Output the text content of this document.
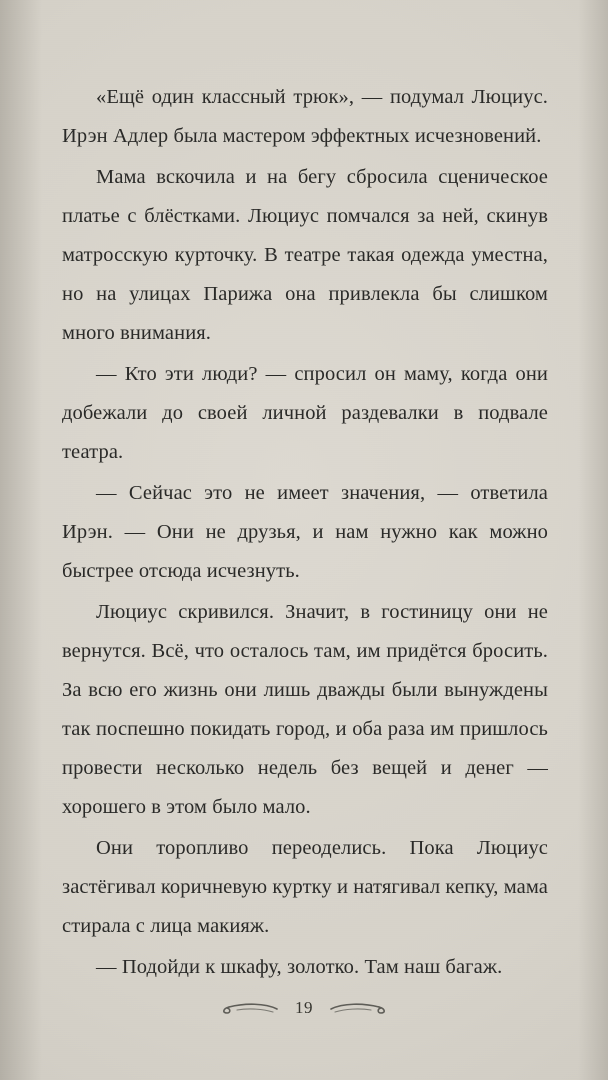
«Ещё один классный трюк», — подумал Люциус. Ирэн Адлер была мастером эффектных исчезновений.

Мама вскочила и на бегу сбросила сценическое платье с блёстками. Люциус помчался за ней, скинув матросскую курточку. В театре такая одежда уместна, но на улицах Парижа она привлекла бы слишком много внимания.

— Кто эти люди? — спросил он маму, когда они добежали до своей личной раздевалки в подвале театра.

— Сейчас это не имеет значения, — ответила Ирэн. — Они не друзья, и нам нужно как можно быстрее отсюда исчезнуть.

Люциус скривился. Значит, в гостиницу они не вернутся. Всё, что осталось там, им придётся бросить. За всю его жизнь они лишь дважды были вынуждены так поспешно покидать город, и оба раза им пришлось провести несколько недель без вещей и денег — хорошего в этом было мало.

Они торопливо переоделись. Пока Люциус застёгивал коричневую куртку и натягивал кепку, мама стирала с лица макияж.

— Подойди к шкафу, золотко. Там наш багаж.

19
